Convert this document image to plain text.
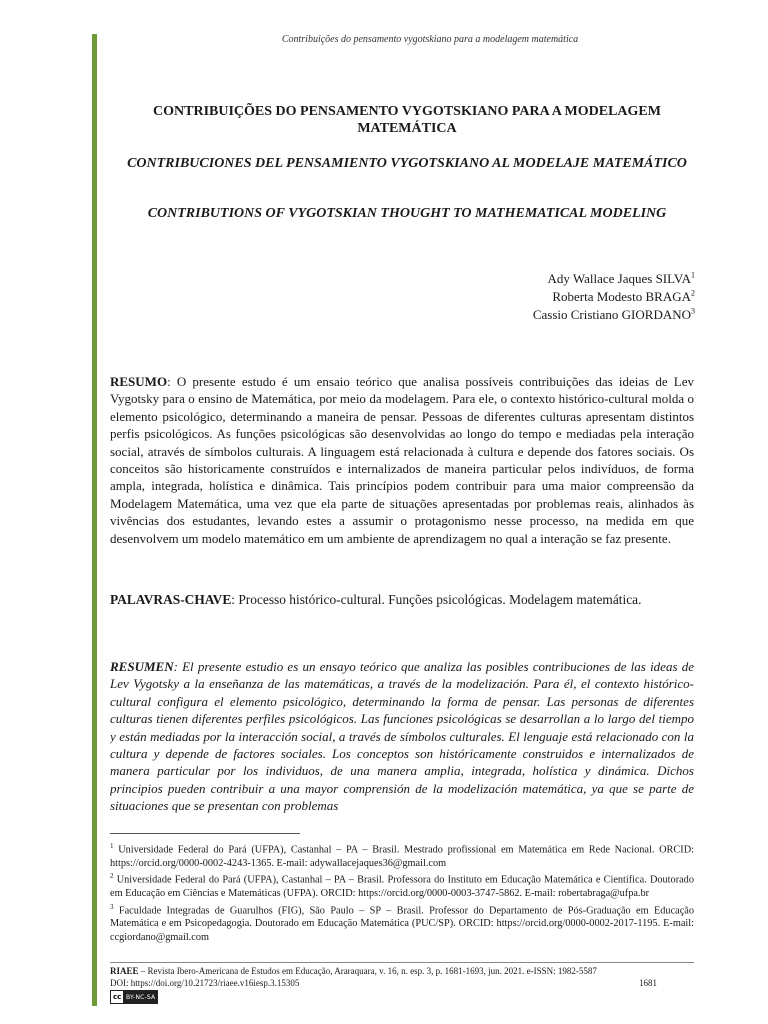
Contribuições do pensamento vygotskiano para a modelagem matemática
CONTRIBUIÇÕES DO PENSAMENTO VYGOTSKIANO PARA A MODELAGEM MATEMÁTICA
CONTRIBUCIONES DEL PENSAMIENTO VYGOTSKIANO AL MODELAJE MATEMÁTICO
CONTRIBUTIONS OF VYGOTSKIAN THOUGHT TO MATHEMATICAL MODELING
Ady Wallace Jaques SILVA$^1$
Roberta Modesto BRAGA$^2$
Cassio Cristiano GIORDANO$^3$

RESUMO: O presente estudo é um ensaio teórico que analisa possíveis contribuições das ideias de Lev Vygotsky para o ensino de Matemática, por meio da modelagem. Para ele, o contexto histórico-cultural molda o elemento psicológico, determinando a maneira de pensar. Pessoas de diferentes culturas apresentam distintos perfis psicológicos. As funções psicológicas são desenvolvidas ao longo do tempo e mediadas pela interação social, através de símbolos culturais. A linguagem está relacionada à cultura e depende dos fatores sociais. Os conceitos são historicamente construídos e internalizados de maneira particular pelos indivíduos, de forma ampla, integrada, holística e dinâmica. Tais princípios podem contribuir para uma maior compreensão da Modelagem Matemática, uma vez que ela parte de situações apresentadas por problemas reais, alinhados às vivências dos estudantes, levando estes a assumir o protagonismo nesse processo, na medida em que desenvolvem um modelo matemático em um ambiente de aprendizagem no qual a interação se faz presente.

PALAVRAS-CHAVE: Processo histórico-cultural. Funções psicológicas. Modelagem matemática.

RESUMEN: El presente estudio es un ensayo teórico que analiza las posibles contribuciones de las ideas de Lev Vygotsky a la enseñanza de las matemáticas, a través de la modelización. Para él, el contexto histórico-cultural configura el elemento psicológico, determinando la forma de pensar. Las personas de diferentes culturas tienen diferentes perfiles psicológicos. Las funciones psicológicas se desarrollan a lo largo del tiempo y están mediadas por la interacción social, a través de símbolos culturales. El lenguaje está relacionado con la cultura y depende de factores sociales. Los conceptos son históricamente construidos e internalizados de manera particular por los individuos, de una manera amplia, integrada, holística y dinámica. Dichos principios pueden contribuir a una mayor comprensión de la modelización matemática, ya que se parte de situaciones que se presentan con problemas

$^1$ Universidade Federal do Pará (UFPA), Castanhal – PA – Brasil. Mestrado profissional em Matemática em Rede Nacional. ORCID: https://orcid.org/0000-0002-4243-1365. E-mail: adywallacejaques36@gmail.com

$^2$ Universidade Federal do Pará (UFPA), Castanhal – PA – Brasil. Professora do Instituto em Educação Matemática e Científica. Doutorado em Educação em Ciências e Matemáticas (UFPA). ORCID: https://orcid.org/0000-0003-3747-5862. E-mail: robertabraga@ufpa.br

$^3$ Faculdade Integradas de Guarulhos (FIG), São Paulo – SP – Brasil. Professor do Departamento de Pós-Graduação em Educação Matemática e em Psicopedagogia. Doutorado em Educação Matemática (PUC/SP). ORCID: https://orcid.org/0000-0002-2017-1195. E-mail: ccgiordano@gmail.com

RIAEE – Revista Ibero-Americana de Estudos em Educação, Araraquara, v. 16, n. esp. 3, p. 1681-1693, jun. 2021. e-ISSN: 1982-5587
DOI: https://doi.org/10.21723/riaee.v16iesp.3.15305	1681
cc BY-NC-SA
